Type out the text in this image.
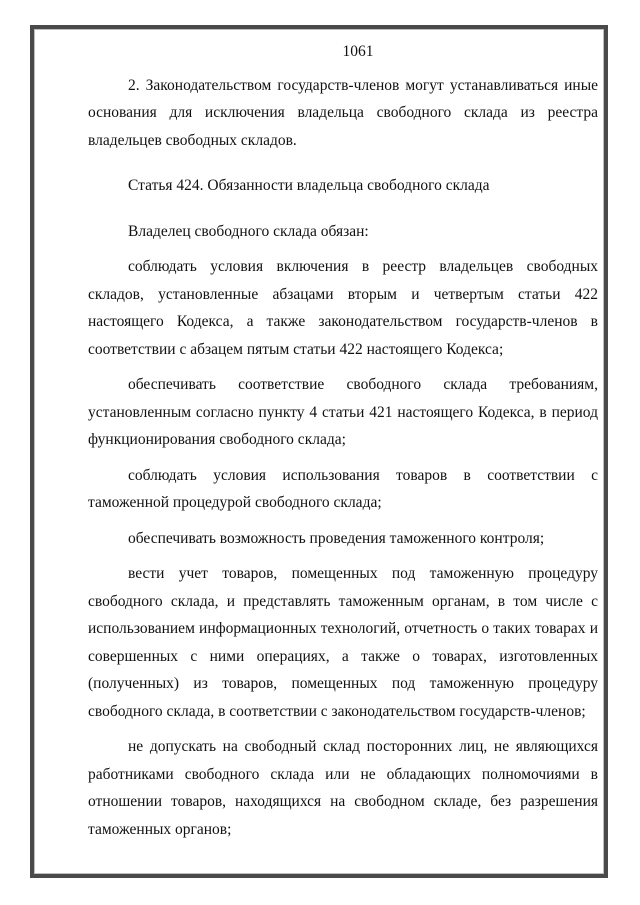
1061

2. Законодательством государств-членов могут устанавливаться иные основания для исключения владельца свободного склада из реестра владельцев свободных складов.

Статья 424. Обязанности владельца свободного склада

Владелец свободного склада обязан:

соблюдать условия включения в реестр владельцев свободных складов, установленные абзацами вторым и четвертым статьи 422 настоящего Кодекса, а также законодательством государств-членов в соответствии с абзацем пятым статьи 422 настоящего Кодекса;

обеспечивать соответствие свободного склада требованиям, установленным согласно пункту 4 статьи 421 настоящего Кодекса, в период функционирования свободного склада;

соблюдать условия использования товаров в соответствии с таможенной процедурой свободного склада;

обеспечивать возможность проведения таможенного контроля;

вести учет товаров, помещенных под таможенную процедуру свободного склада, и представлять таможенным органам, в том числе с использованием информационных технологий, отчетность о таких товарах и совершенных с ними операциях, а также о товарах, изготовленных (полученных) из товаров, помещенных под таможенную процедуру свободного склада, в соответствии с законодательством государств-членов;

не допускать на свободный склад посторонних лиц, не являющихся работниками свободного склада или не обладающих полномочиями в отношении товаров, находящихся на свободном складе, без разрешения таможенных органов;
